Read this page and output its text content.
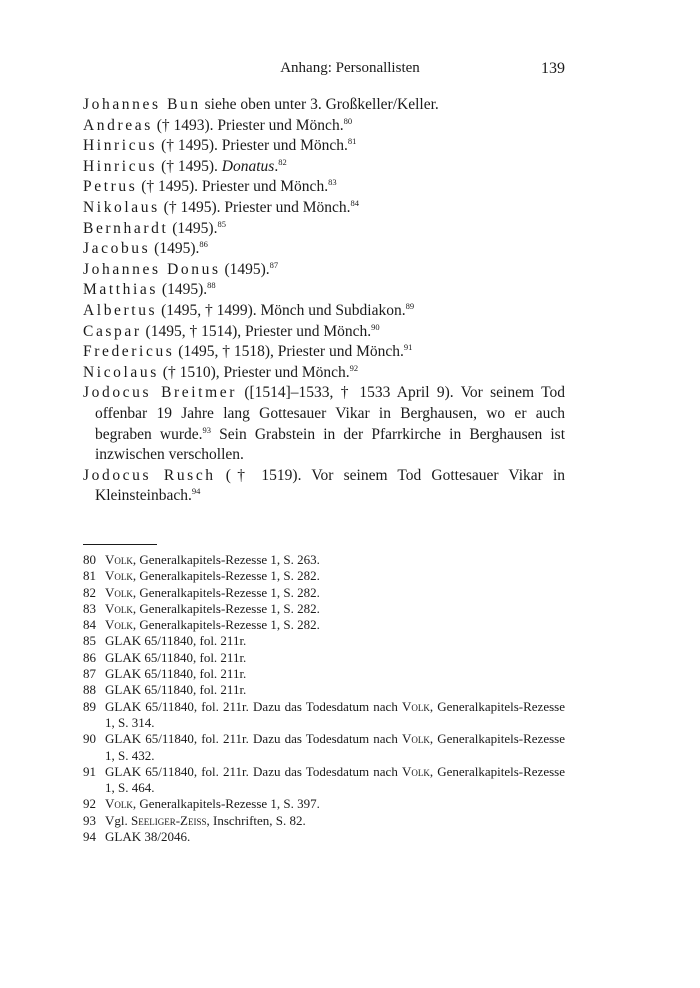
Anhang: Personallisten	139
Johannes Bun siehe oben unter 3. Großkeller/Keller.
Andreas († 1493). Priester und Mönch.$^{80}$
Hinricus († 1495). Priester und Mönch.$^{81}$
Hinricus († 1495). Donatus.$^{82}$
Petrus († 1495). Priester und Mönch.$^{83}$
Nikolaus († 1495). Priester und Mönch.$^{84}$
Bernhardt (1495).$^{85}$
Jacobus (1495).$^{86}$
Johannes Donus (1495).$^{87}$
Matthias (1495).$^{88}$
Albertus (1495, † 1499). Mönch und Subdiakon.$^{89}$
Caspar (1495, † 1514), Priester und Mönch.$^{90}$
Fredericus (1495, † 1518), Priester und Mönch.$^{91}$
Nicolaus († 1510), Priester und Mönch.$^{92}$
Jodocus Breitmer ([1514]–1533, † 1533 April 9). Vor seinem Tod offenbar 19 Jahre lang Gottesauer Vikar in Berghausen, wo er auch begraben wurde.$^{93}$ Sein Grabstein in der Pfarrkirche in Berghausen ist inzwischen verschollen.
Jodocus Rusch († 1519). Vor seinem Tod Gottesauer Vikar in Kleinsteinbach.$^{94}$
80 Volk, Generalkapitels-Rezesse 1, S. 263.
81 Volk, Generalkapitels-Rezesse 1, S. 282.
82 Volk, Generalkapitels-Rezesse 1, S. 282.
83 Volk, Generalkapitels-Rezesse 1, S. 282.
84 Volk, Generalkapitels-Rezesse 1, S. 282.
85 GLAK 65/11840, fol. 211r.
86 GLAK 65/11840, fol. 211r.
87 GLAK 65/11840, fol. 211r.
88 GLAK 65/11840, fol. 211r.
89 GLAK 65/11840, fol. 211r. Dazu das Todesdatum nach Volk, Generalkapitels-Rezesse 1, S. 314.
90 GLAK 65/11840, fol. 211r. Dazu das Todesdatum nach Volk, Generalkapitels-Rezesse 1, S. 432.
91 GLAK 65/11840, fol. 211r. Dazu das Todesdatum nach Volk, Generalkapitels-Rezesse 1, S. 464.
92 Volk, Generalkapitels-Rezesse 1, S. 397.
93 Vgl. Seeliger-Zeiss, Inschriften, S. 82.
94 GLAK 38/2046.
